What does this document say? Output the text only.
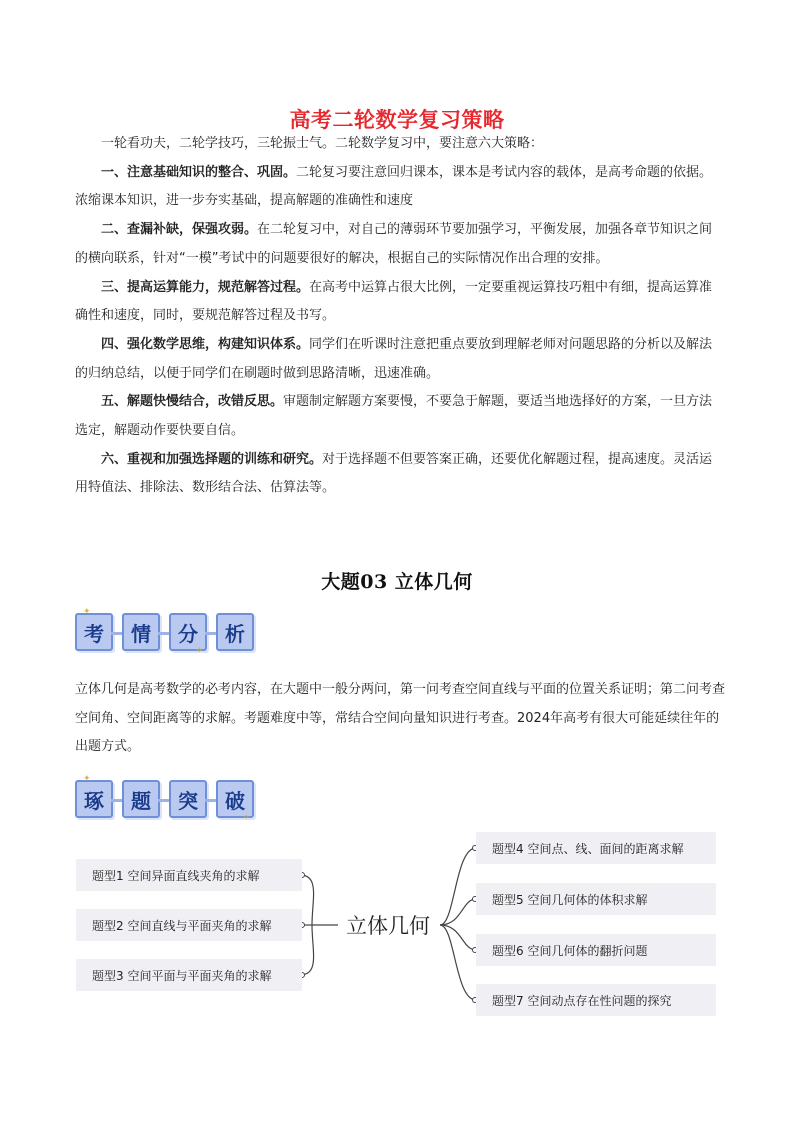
高考二轮数学复习策略

一轮看功夫，二轮学技巧，三轮振士气。二轮数学复习中，要注意六大策略：

一、注意基础知识的整合、巩固。二轮复习要注意回归课本，课本是考试内容的载体，是高考命题的依据。浓缩课本知识，进一步夯实基础，提高解题的准确性和速度

二、查漏补缺，保强攻弱。在二轮复习中，对自己的薄弱环节要加强学习，平衡发展，加强各章节知识之间的横向联系，针对“一模”考试中的问题要很好的解决，根据自己的实际情况作出合理的安排。

三、提高运算能力，规范解答过程。在高考中运算占很大比例，一定要重视运算技巧粗中有细，提高运算准确性和速度，同时，要规范解答过程及书写。

四、强化数学思维，构建知识体系。同学们在听课时注意把重点要放到理解老师对问题思路的分析以及解法的归纳总结，以便于同学们在刷题时做到思路清晰，迅速准确。

五、解题快慢结合，改错反思。审题制定解题方案要慢，不要急于解题，要适当地选择好的方案，一旦方法选定，解题动作要快要自信。

六、重视和加强选择题的训练和研究。对于选择题不但要答案正确，还要优化解题过程，提高速度。灵活运用特值法、排除法、数形结合法、估算法等。

大题03 立体几何
✦
考 情 分
✧
析
立体几何是高考数学的必考内容，在大题中一般分两问，第一问考查空间直线与平面的位置关系证明；第二问考查空间角、空间距离等的求解。考题难度中等，常结合空间向量知识进行考查。2024年高考有很大可能延续往年的出题方式。
✦
琢 题 突 破
✧
题型1 空间异面直线夹角的求解
题型2 空间直线与平面夹角的求解
题型3 空间平面与平面夹角的求解
立体几何
题型4 空间点、线、面间的距离求解
题型5 空间几何体的体积求解
题型6 空间几何体的翻折问题
题型7 空间动点存在性问题的探究
